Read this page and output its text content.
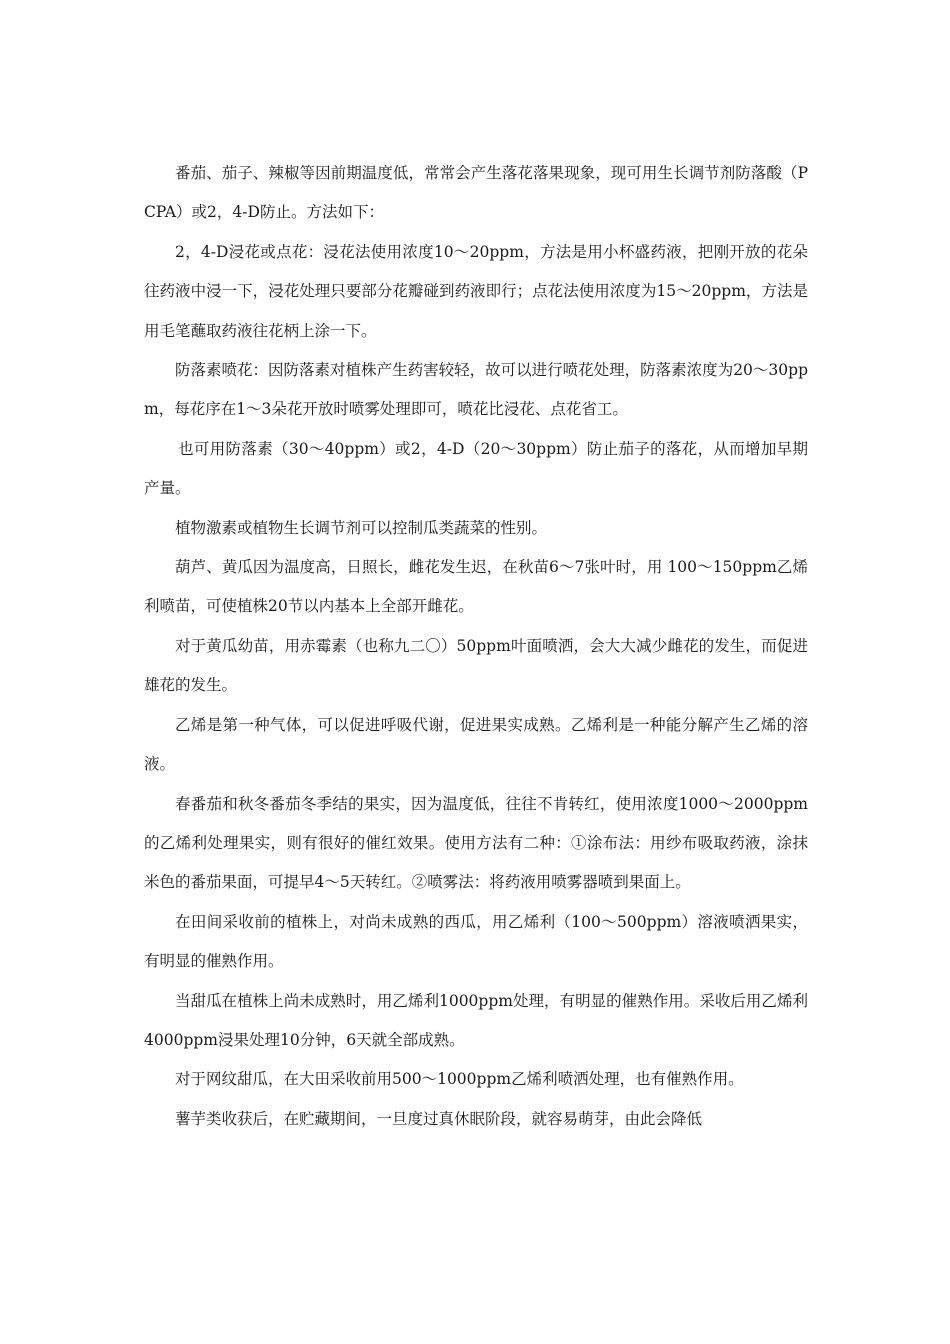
番茄、茄子、辣椒等因前期温度低，常常会产生落花落果现象，现可用生长调节剂防落酸（PCPA）或2，4-D防止。方法如下：

2，4-D浸花或点花：浸花法使用浓度10～20ppm，方法是用小杯盛药液，把刚开放的花朵往药液中浸一下，浸花处理只要部分花瓣碰到药液即行；点花法使用浓度为15～20ppm，方法是用毛笔蘸取药液往花柄上涂一下。

防落素喷花：因防落素对植株产生药害较轻，故可以进行喷花处理，防落素浓度为20～30ppm，每花序在1～3朵花开放时喷雾处理即可，喷花比浸花、点花省工。

也可用防落素（30～40ppm）或2，4-D（20～30ppm）防止茄子的落花，从而增加早期产量。

植物激素或植物生长调节剂可以控制瓜类蔬菜的性别。

葫芦、黄瓜因为温度高，日照长，雌花发生迟，在秋苗6～7张叶时，用 100～150ppm乙烯利喷苗，可使植株20节以内基本上全部开雌花。

对于黄瓜幼苗，用赤霉素（也称九二〇）50ppm叶面喷洒，会大大减少雌花的发生，而促进雄花的发生。

乙烯是第一种气体，可以促进呼吸代谢，促进果实成熟。乙烯利是一种能分解产生乙烯的溶液。

春番茄和秋冬番茄冬季结的果实，因为温度低，往往不肯转红，使用浓度1000～2000ppm的乙烯利处理果实，则有很好的催红效果。使用方法有二种：①涂布法：用纱布吸取药液，涂抹米色的番茄果面，可提早4～5天转红。②喷雾法：将药液用喷雾器喷到果面上。

在田间采收前的植株上，对尚未成熟的西瓜，用乙烯利（100～500ppm）溶液喷洒果实，有明显的催熟作用。

当甜瓜在植株上尚未成熟时，用乙烯利1000ppm处理，有明显的催熟作用。采收后用乙烯利4000ppm浸果处理10分钟，6天就全部成熟。

对于网纹甜瓜，在大田采收前用500～1000ppm乙烯利喷洒处理，也有催熟作用。

薯芋类收获后，在贮藏期间，一旦度过真休眠阶段，就容易萌芽，由此会降低
